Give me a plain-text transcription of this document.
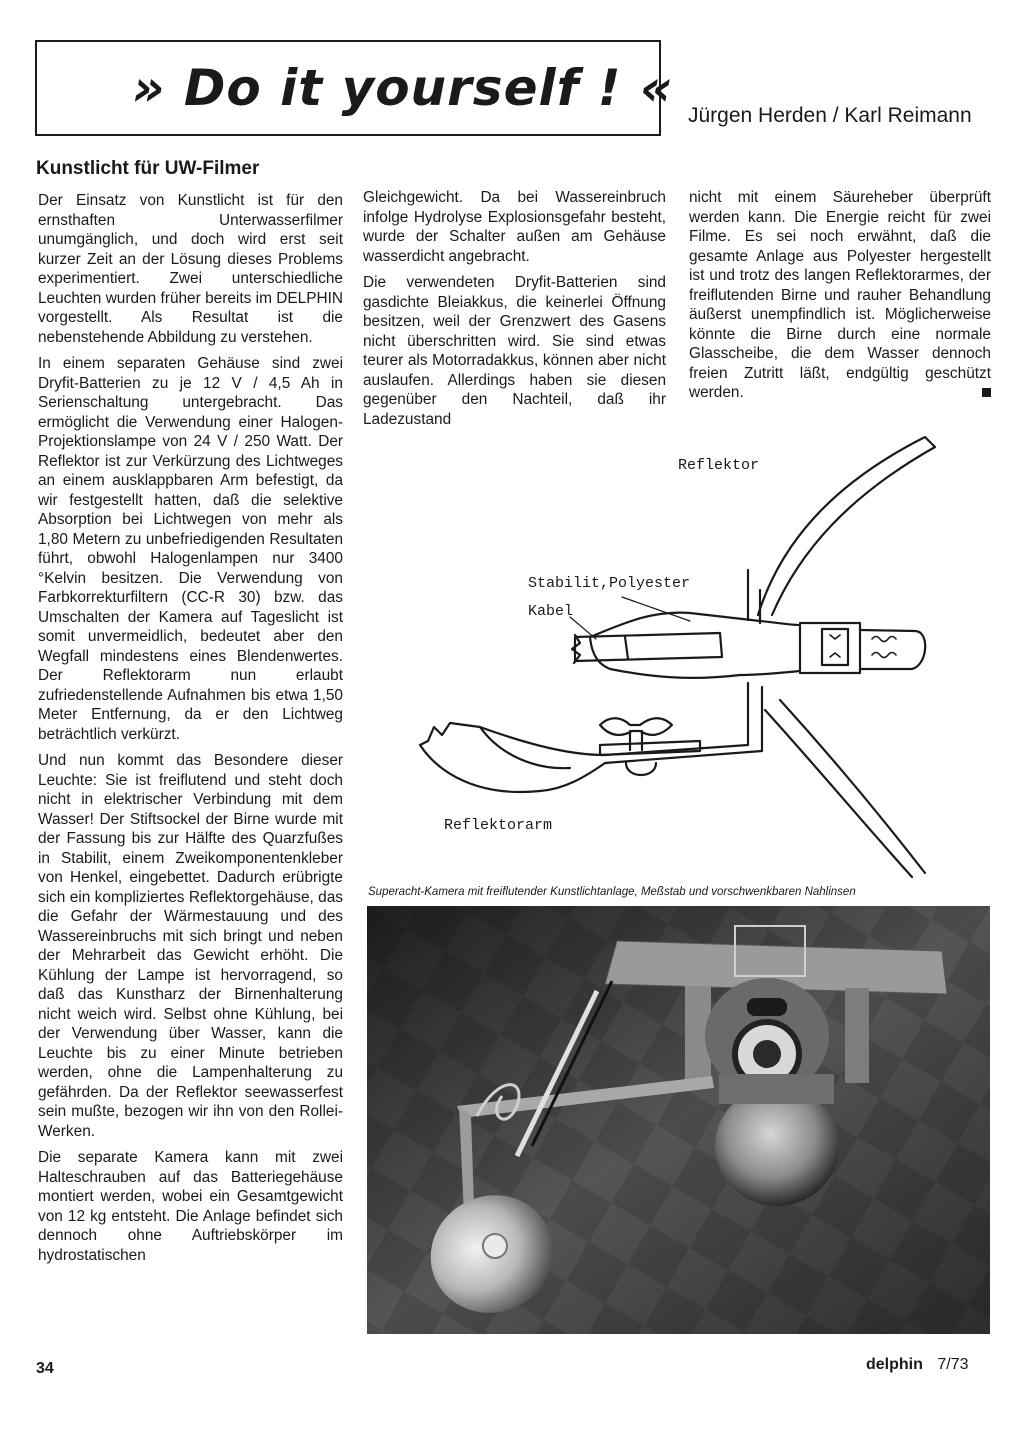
» Do it yourself ! « Jürgen Herden / Karl Reimann
Kunstlicht für UW-Filmer

Der Einsatz von Kunstlicht ist für den ernsthaften Unterwasserfilmer unumgänglich, und doch wird erst seit kurzer Zeit an der Lösung dieses Problems experimentiert. Zwei unterschiedliche Leuchten wurden früher bereits im DELPHIN vorgestellt. Als Resultat ist die nebenstehende Abbildung zu verstehen.

In einem separaten Gehäuse sind zwei Dryfit-Batterien zu je 12 V / 4,5 Ah in Serienschaltung untergebracht. Das ermöglicht die Verwendung einer Halogen-Projektionslampe von 24 V / 250 Watt. Der Reflektor ist zur Verkürzung des Lichtweges an einem ausklappbaren Arm befestigt, da wir festgestellt hatten, daß die selektive Absorption bei Lichtwegen von mehr als 1,80 Metern zu unbefriedigenden Resultaten führt, obwohl Halogenlampen nur 3400 °Kelvin besitzen. Die Verwendung von Farbkorrekturfiltern (CC-R 30) bzw. das Umschalten der Kamera auf Tageslicht ist somit unvermeidlich, bedeutet aber den Wegfall mindestens eines Blendenwertes. Der Reflektorarm nun erlaubt zufriedenstellende Aufnahmen bis etwa 1,50 Meter Entfernung, da er den Lichtweg beträchtlich verkürzt.

Und nun kommt das Besondere dieser Leuchte: Sie ist freiflutend und steht doch nicht in elektrischer Verbindung mit dem Wasser! Der Stiftsockel der Birne wurde mit der Fassung bis zur Hälfte des Quarzfußes in Stabilit, einem Zweikomponentenkleber von Henkel, eingebettet. Dadurch erübrigte sich ein kompliziertes Reflektorgehäuse, das die Gefahr der Wärmestauung und des Wassereinbruchs mit sich bringt und neben der Mehrarbeit das Gewicht erhöht. Die Kühlung der Lampe ist hervorragend, so daß das Kunstharz der Birnenhalterung nicht weich wird. Selbst ohne Kühlung, bei der Verwendung über Wasser, kann die Leuchte bis zu einer Minute betrieben werden, ohne die Lampenhalterung zu gefährden. Da der Reflektor seewasserfest sein mußte, bezogen wir ihn von den Rollei-Werken.

Die separate Kamera kann mit zwei Halteschrauben auf das Batteriegehäuse montiert werden, wobei ein Gesamtgewicht von 12 kg entsteht. Die Anlage befindet sich dennoch ohne Auftriebskörper im hydrostatischen

Gleichgewicht. Da bei Wassereinbruch infolge Hydrolyse Explosionsgefahr besteht, wurde der Schalter außen am Gehäuse wasserdicht angebracht.

Die verwendeten Dryfit-Batterien sind gasdichte Bleiakkus, die keinerlei Öffnung besitzen, weil der Grenzwert des Gasens nicht überschritten wird. Sie sind etwas teurer als Motorradakkus, können aber nicht auslaufen. Allerdings haben sie diesen gegenüber den Nachteil, daß ihr Ladezustand

nicht mit einem Säureheber überprüft werden kann. Die Energie reicht für zwei Filme. Es sei noch erwähnt, daß die gesamte Anlage aus Polyester hergestellt ist und trotz des langen Reflektorarmes, der freiflutenden Birne und rauher Behandlung äußerst unempfindlich ist. Möglicherweise könnte die Birne durch eine normale Glasscheibe, die dem Wasser dennoch freien Zutritt läßt, endgültig geschützt werden.

Reflektor
Stabilit,Polyester
Kabel
Reflektorarm
Superacht-Kamera mit freiflutender Kunstlichtanlage, Meßstab und vorschwenkbaren Nahlinsen
34	delphin 7/73
